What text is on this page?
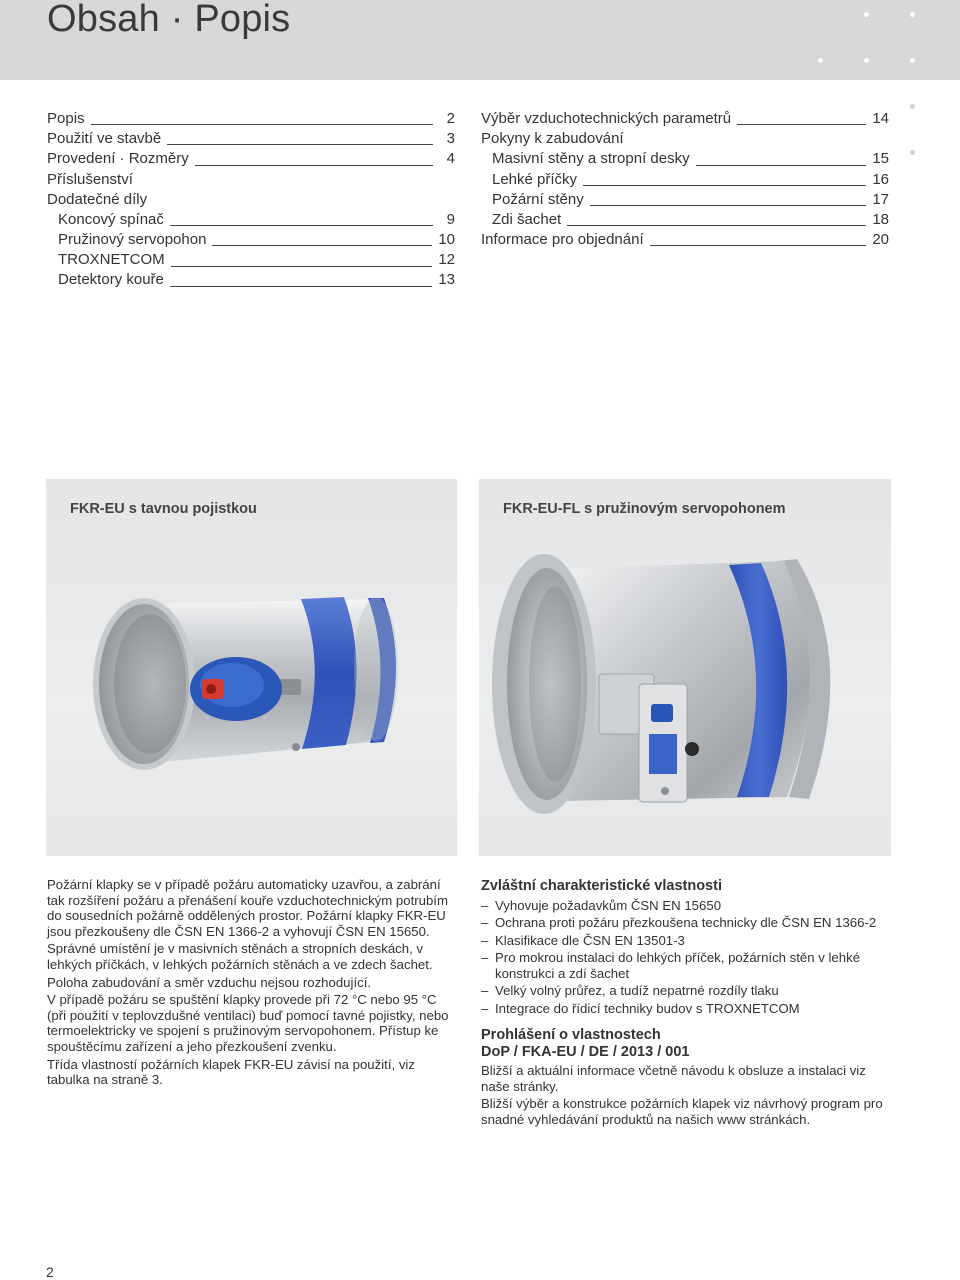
Obsah · Popis
Popis	2
Použití ve stavbě	3
Provedení · Rozměry	4
Příslušenství
Dodatečné díly
Koncový spínač	9
Pružinový servopohon	10
TROXNETCOM	12
Detektory kouře	13
Výběr vzduchotechnických parametrů	14
Pokyny k zabudování
Masivní stěny a stropní desky	15
Lehké příčky	16
Požární stěny	17
Zdi šachet	18
Informace pro objednání	20
FKR-EU s tavnou pojistkou	FKR-EU-FL s pružinovým servopohonem

Požární klapky se v případě požáru automaticky uzavřou, a zabrání tak rozšíření požáru a přenášení kouře vzduchotechnickým potrubím do sousedních požárně oddělených prostor. Požární klapky FKR-EU jsou přezkoušeny dle ČSN EN 1366-2 a vyhovují ČSN EN 15650.

Správné umístění je v masivních stěnách a stropních deskách, v lehkých příčkách, v lehkých požárních stěnách a ve zdech šachet.

Poloha zabudování a směr vzduchu nejsou rozhodující.

V případě požáru se spuštění klapky provede při 72 °C nebo 95 °C (při použití v teplovzdušné ventilaci) buď pomocí tavné pojistky, nebo termoelektricky ve spojení s pružinovým servopohonem. Přístup ke spouštěcímu zařízení a jeho přezkoušení zvenku.

Třída vlastností požárních klapek FKR-EU závisí na použití, viz tabulka na straně 3.

Zvláštní charakteristické vlastnosti
– Vyhovuje požadavkům ČSN EN 15650
– Ochrana proti požáru přezkoušena technicky dle ČSN EN 1366-2
– Klasifikace dle ČSN EN 13501-3
– Pro mokrou instalaci do lehkých příček, požárních stěn v lehké konstrukci a zdí šachet
– Velký volný průřez, a tudíž nepatrné rozdíly tlaku
– Integrace do řídicí techniky budov s TROXNETCOM
Prohlášení o vlastnostech
DoP / FKA-EU / DE / 2013 / 001

Bližší a aktuální informace včetně návodu k obsluze a instalaci viz naše stránky.

Bližší výběr a konstrukce požárních klapek viz návrhový program pro snadné vyhledávání produktů na našich www stránkách.

2
